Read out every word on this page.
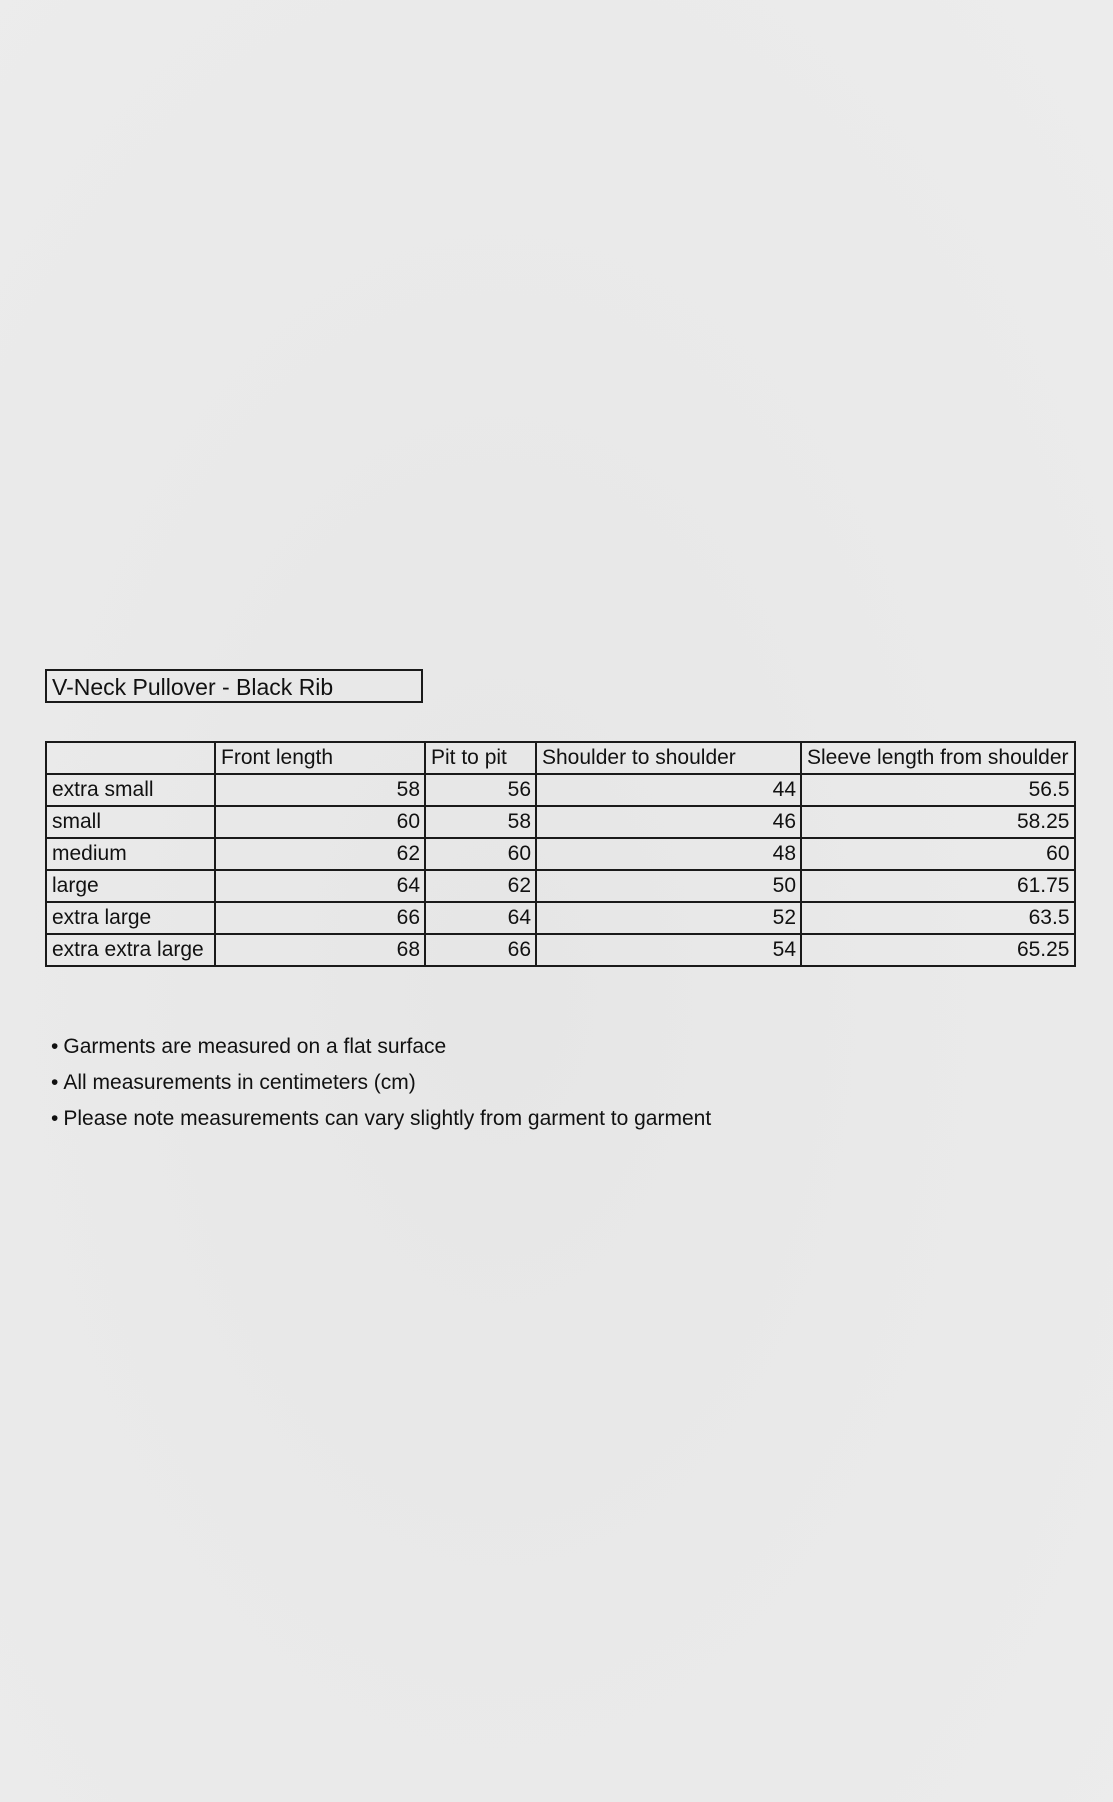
V-Neck Pullover - Black Rib
	Front length	Pit to pit	Shoulder to shoulder	Sleeve length from shoulder
extra small	58	56	44	56.5
small	60	58	46	58.25
medium	62	60	48	60
large	64	62	50	61.75
extra large	66	64	52	63.5
extra extra large	68	66	54	65.25
• Garments are measured on a flat surface
• All measurements in centimeters (cm)
• Please note measurements can vary slightly from garment to garment
